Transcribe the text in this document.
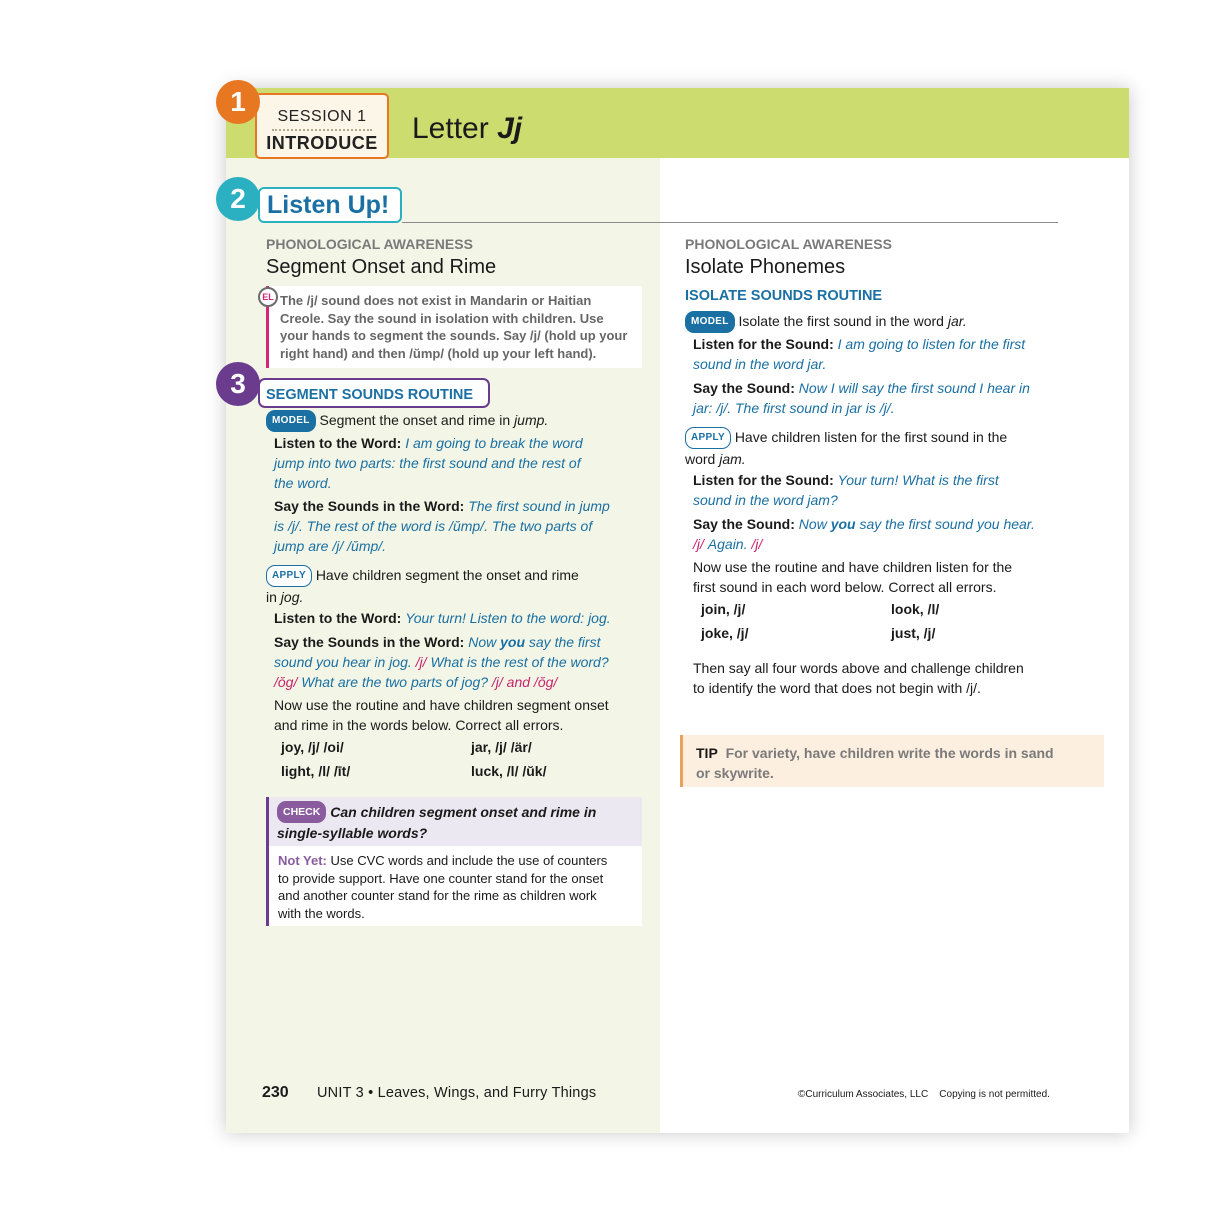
SESSION 1
INTRODUCE	Letter Jj
Listen Up!
PHONOLOGICAL AWARENESS
Segment Onset and Rime

The /j/ sound does not exist in Mandarin or Haitian
Creole. Say the sound in isolation with children. Use
your hands to segment the sounds. Say /j/ (hold up your
right hand) and then /ŭmp/ (hold up your left hand).

EL
SEGMENT SOUNDS ROUTINE
MODEL Segment the onset and rime in jump.
Listen to the Word: I am going to break the word
jump into two parts: the first sound and the rest of
the word.
Say the Sounds in the Word: The first sound in jump
is /j/. The rest of the word is /ŭmp/. The two parts of
jump are /j/ /ŭmp/.
APPLY Have children segment the onset and rime
in jog.
Listen to the Word: Your turn! Listen to the word: jog.
Say the Sounds in the Word: Now you say the first
sound you hear in jog. /j/ What is the rest of the word?
/ŏg/ What are the two parts of jog? /j/ and /ŏg/
Now use the routine and have children segment onset
and rime in the words below. Correct all errors.
joy, /j/ /oi/	jar, /j/ /är/
light, /l/ /īt/	luck, /l/ /ŭk/
CHECK Can children segment onset and rime in
single-syllable words?
Not Yet: Use CVC words and include the use of counters
to provide support. Have one counter stand for the onset
and another counter stand for the rime as children work
with the words.
PHONOLOGICAL AWARENESS
Isolate Phonemes
ISOLATE SOUNDS ROUTINE
MODEL Isolate the first sound in the word jar.
Listen for the Sound: I am going to listen for the first
sound in the word jar.
Say the Sound: Now I will say the first sound I hear in
jar: /j/. The first sound in jar is /j/.
APPLY Have children listen for the first sound in the
word jam.
Listen for the Sound: Your turn! What is the first
sound in the word jam?
Say the Sound: Now you say the first sound you hear.
/j/ Again. /j/
Now use the routine and have children listen for the
first sound in each word below. Correct all errors.
join, /j/	look, /l/
joke, /j/	just, /j/
Then say all four words above and challenge children
to identify the word that does not begin with /j/.

TIP For variety, have children write the words in sand
or skywrite.

230 UNIT 3 • Leaves, Wings, and Furry Things	©Curriculum Associates, LLC    Copying is not permitted.
1
2
3
